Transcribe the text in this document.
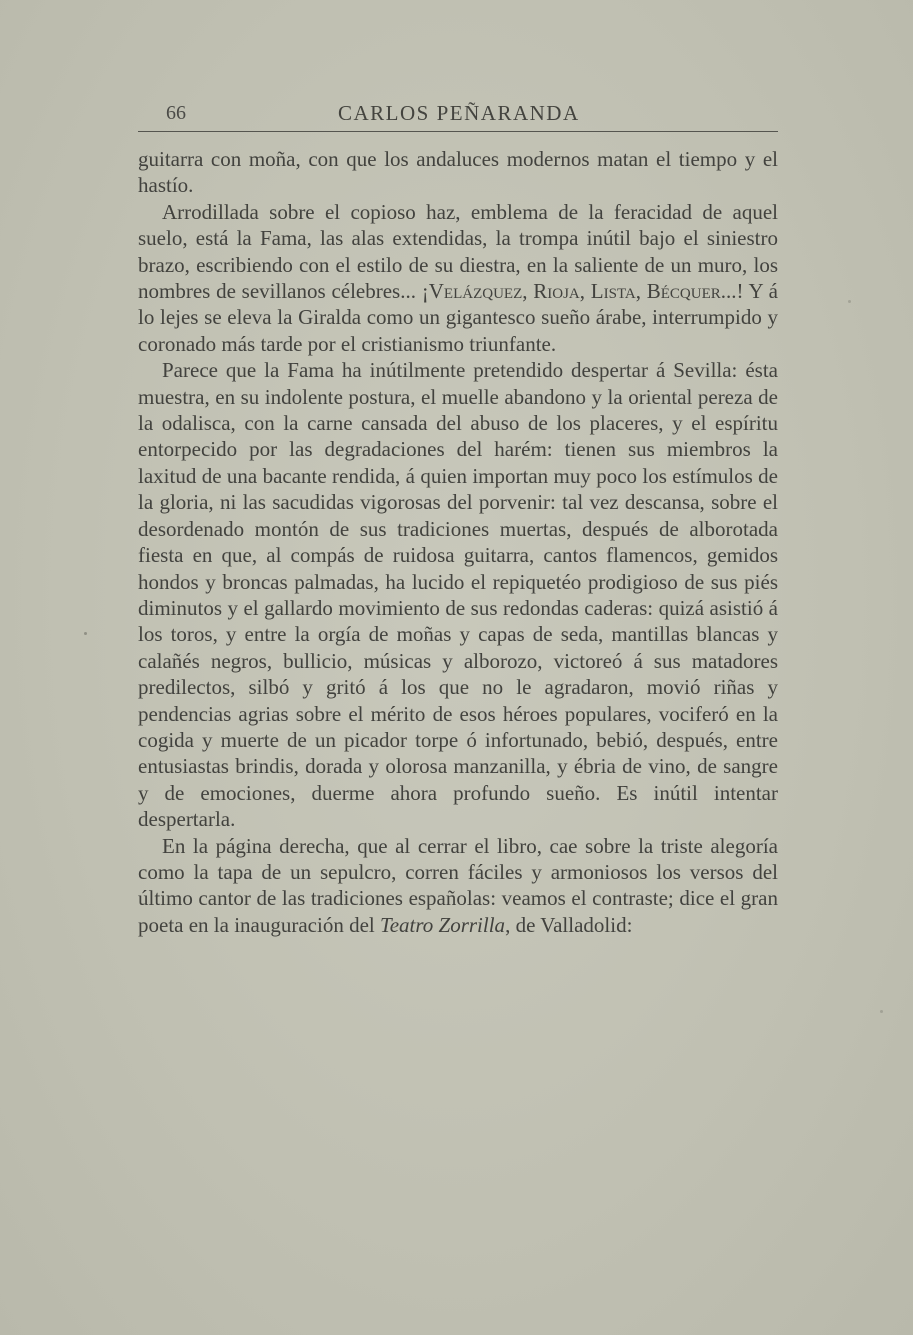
66	CARLOS PEÑARANDA

guitarra con moña, con que los andaluces modernos matan el tiempo y el hastío.

Arrodillada sobre el copioso haz, emblema de la feracidad de aquel suelo, está la Fama, las alas extendidas, la trompa inútil bajo el siniestro brazo, escribiendo con el estilo de su diestra, en la saliente de un muro, los nombres de sevillanos célebres... ¡Velázquez, Rioja, Lista, Bécquer...! Y á lo lejes se eleva la Giralda como un gigantesco sueño árabe, interrumpido y coronado más tarde por el cristianismo triunfante.

Parece que la Fama ha inútilmente pretendido despertar á Sevilla: ésta muestra, en su indolente postura, el muelle abandono y la oriental pereza de la odalisca, con la carne cansada del abuso de los placeres, y el espíritu entorpecido por las degradaciones del harém: tienen sus miembros la laxitud de una bacante rendida, á quien importan muy poco los estímulos de la gloria, ni las sacudidas vigorosas del porvenir: tal vez descansa, sobre el desordenado montón de sus tradiciones muertas, después de alborotada fiesta en que, al compás de ruidosa guitarra, cantos flamencos, gemidos hondos y broncas palmadas, ha lucido el repiquetéo prodigioso de sus piés diminutos y el gallardo movimiento de sus redondas caderas: quizá asistió á los toros, y entre la orgía de moñas y capas de seda, mantillas blancas y calañés negros, bullicio, músicas y alborozo, victoreó á sus matadores predilectos, silbó y gritó á los que no le agradaron, movió riñas y pendencias agrias sobre el mérito de esos héroes populares, vociferó en la cogida y muerte de un picador torpe ó infortunado, bebió, después, entre entusiastas brindis, dorada y olorosa manzanilla, y ébria de vino, de sangre y de emociones, duerme ahora profundo sueño. Es inútil intentar despertarla.

En la página derecha, que al cerrar el libro, cae sobre la triste alegoría como la tapa de un sepulcro, corren fáciles y armoniosos los versos del último cantor de las tradiciones españolas: veamos el contraste; dice el gran poeta en la inauguración del Teatro Zorrilla, de Valladolid:
